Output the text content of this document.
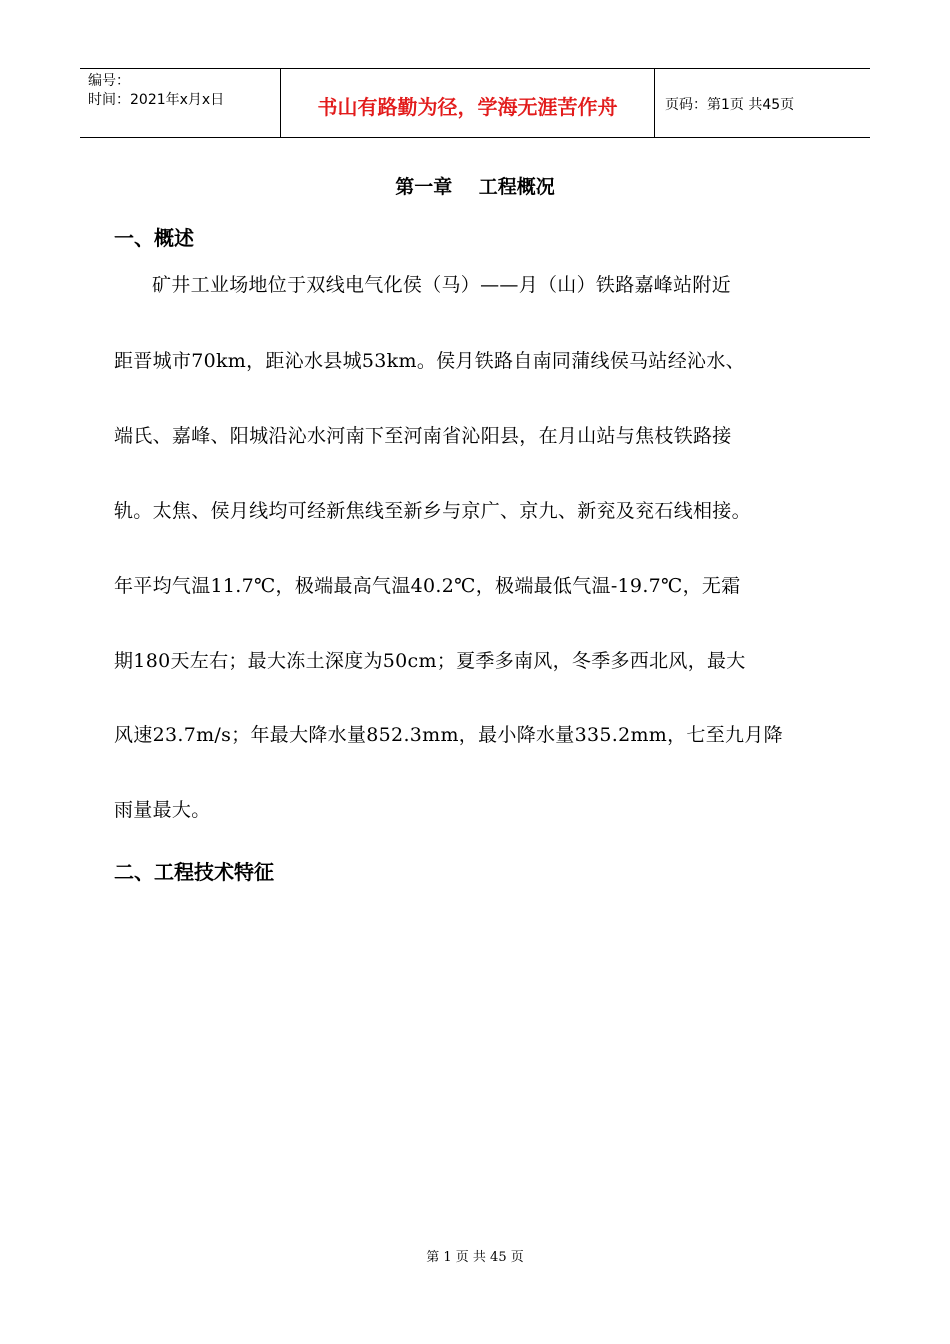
编号：
时间：2021年x月x日	书山有路勤为径，学海无涯苦作舟	页码：第1页 共45页
第一章    工程概况
一、概述
矿井工业场地位于双线电气化侯（马）——月（山）铁路嘉峰站附近
距晋城市70km，距沁水县城53km。侯月铁路自南同蒲线侯马站经沁水、
端氏、嘉峰、阳城沿沁水河南下至河南省沁阳县，在月山站与焦枝铁路接
轨。太焦、侯月线均可经新焦线至新乡与京广、京九、新兖及兖石线相接。
年平均气温11.7℃，极端最高气温40.2℃，极端最低气温-19.7℃，无霜
期180天左右；最大冻土深度为50cm；夏季多南风，冬季多西北风，最大
风速23.7m/s；年最大降水量852.3mm，最小降水量335.2mm，七至九月降
雨量最大。
二、工程技术特征
第 1 页 共 45 页
